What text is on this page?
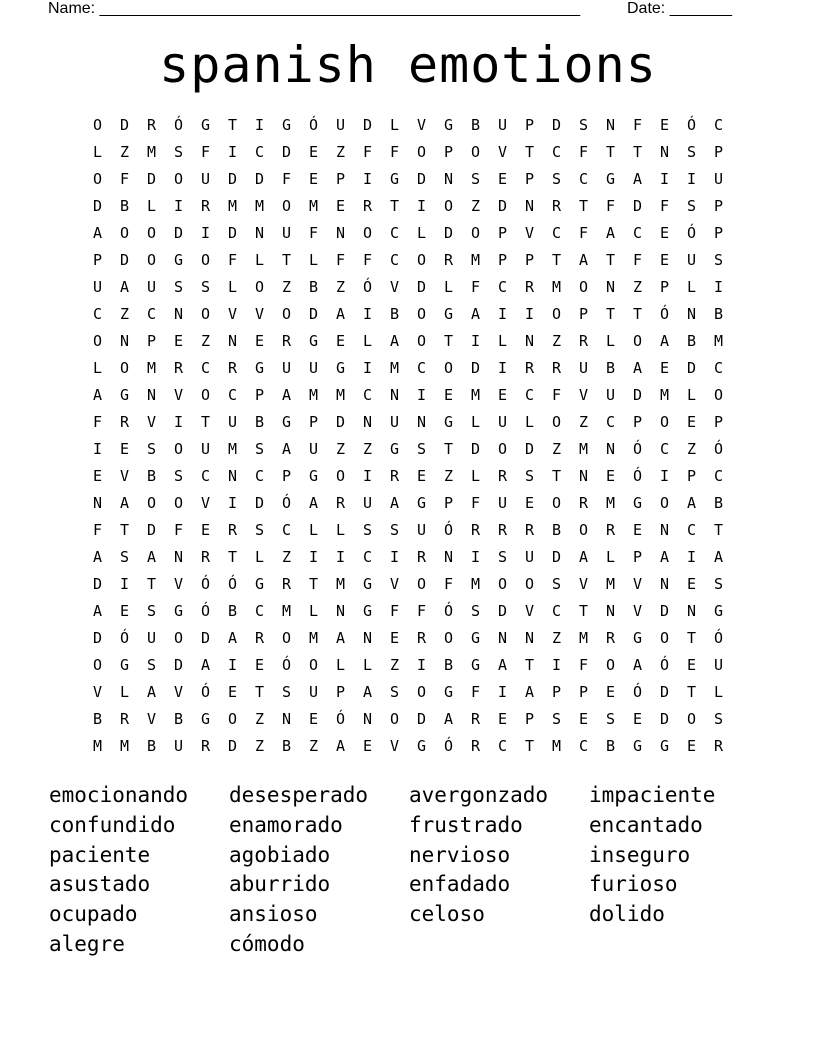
Name: ______________________________________________________

	Date: _______

spanish emotions
O	D	R	Ó	G	T	I	G	Ó	U	D	L	V	G	B	U	P	D	S	N	F	E	Ó	C
L	Z	M	S	F	I	C	D	E	Z	F	F	O	P	O	V	T	C	F	T	T	N	S	P
O	F	D	O	U	D	D	F	E	P	I	G	D	N	S	E	P	S	C	G	A	I	I	U
D	B	L	I	R	M	M	O	M	E	R	T	I	O	Z	D	N	R	T	F	D	F	S	P
A	O	O	D	I	D	N	U	F	N	O	C	L	D	O	P	V	C	F	A	C	E	Ó	P
P	D	O	G	O	F	L	T	L	F	F	C	O	R	M	P	P	T	A	T	F	E	U	S
U	A	U	S	S	L	O	Z	B	Z	Ó	V	D	L	F	C	R	M	O	N	Z	P	L	I
C	Z	C	N	O	V	V	O	D	A	I	B	O	G	A	I	I	O	P	T	T	Ó	N	B
O	N	P	E	Z	N	E	R	G	E	L	A	O	T	I	L	N	Z	R	L	O	A	B	M
L	O	M	R	C	R	G	U	U	G	I	M	C	O	D	I	R	R	U	B	A	E	D	C
A	G	N	V	O	C	P	A	M	M	C	N	I	E	M	E	C	F	V	U	D	M	L	O
F	R	V	I	T	U	B	G	P	D	N	U	N	G	L	U	L	O	Z	C	P	O	E	P
I	E	S	O	U	M	S	A	U	Z	Z	G	S	T	D	O	D	Z	M	N	Ó	C	Z	Ó
E	V	B	S	C	N	C	P	G	O	I	R	E	Z	L	R	S	T	N	E	Ó	I	P	C
N	A	O	O	V	I	D	Ó	A	R	U	A	G	P	F	U	E	O	R	M	G	O	A	B
F	T	D	F	E	R	S	C	L	L	S	S	U	Ó	R	R	R	B	O	R	E	N	C	T
A	S	A	N	R	T	L	Z	I	I	C	I	R	N	I	S	U	D	A	L	P	A	I	A
D	I	T	V	Ó	Ó	G	R	T	M	G	V	O	F	M	O	O	S	V	M	V	N	E	S
A	E	S	G	Ó	B	C	M	L	N	G	F	F	Ó	S	D	V	C	T	N	V	D	N	G
D	Ó	U	O	D	A	R	O	M	A	N	E	R	O	G	N	N	Z	M	R	G	O	T	Ó
O	G	S	D	A	I	E	Ó	O	L	L	Z	I	B	G	A	T	I	F	O	A	Ó	E	U
V	L	A	V	Ó	E	T	S	U	P	A	S	O	G	F	I	A	P	P	E	Ó	D	T	L
B	R	V	B	G	O	Z	N	E	Ó	N	O	D	A	R	E	P	S	E	S	E	D	O	S
M	M	B	U	R	D	Z	B	Z	A	E	V	G	Ó	R	C	T	M	C	B	G	G	E	R
emocionando	desesperado	avergonzado	impaciente
confundido	enamorado	frustrado	encantado
paciente	agobiado	nervioso	inseguro
asustado	aburrido	enfadado	furioso
ocupado	ansioso	celoso	dolido
alegre	cómodo
